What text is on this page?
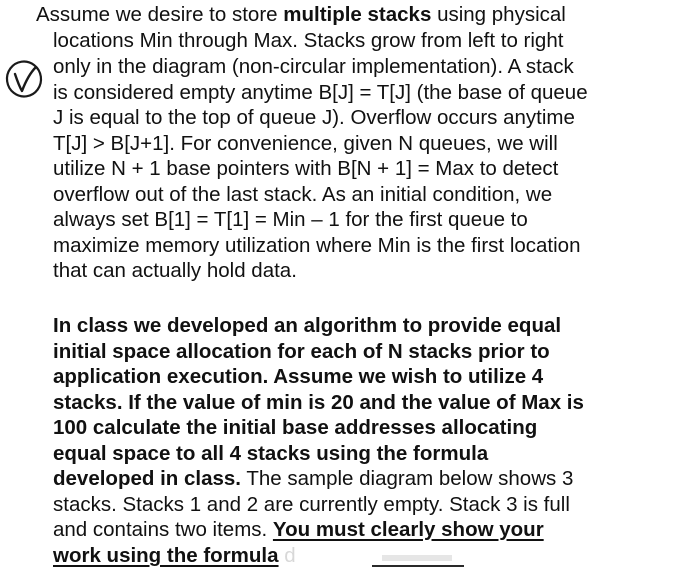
Assume we desire to store multiple stacks using physical
locations Min through Max. Stacks grow from left to right
only in the diagram (non-circular implementation). A stack
is considered empty anytime B[J] = T[J] (the base of queue
J is equal to the top of queue J). Overflow occurs anytime
T[J] > B[J+1]. For convenience, given N queues, we will
utilize N + 1 base pointers with B[N + 1] = Max to detect
overflow out of the last stack. As an initial condition, we
always set B[1] = T[1] = Min – 1 for the first queue to
maximize memory utilization where Min is the first location
that can actually hold data.
In class we developed an algorithm to provide equal
initial space allocation for each of N stacks prior to
application execution. Assume we wish to utilize 4
stacks. If the value of min is 20 and the value of Max is
100 calculate the initial base addresses allocating
equal space to all 4 stacks using the formula
developed in class. The sample diagram below shows 3
stacks. Stacks 1 and 2 are currently empty. Stack 3 is full
and contains two items. You must clearly show your
work using the formula d
